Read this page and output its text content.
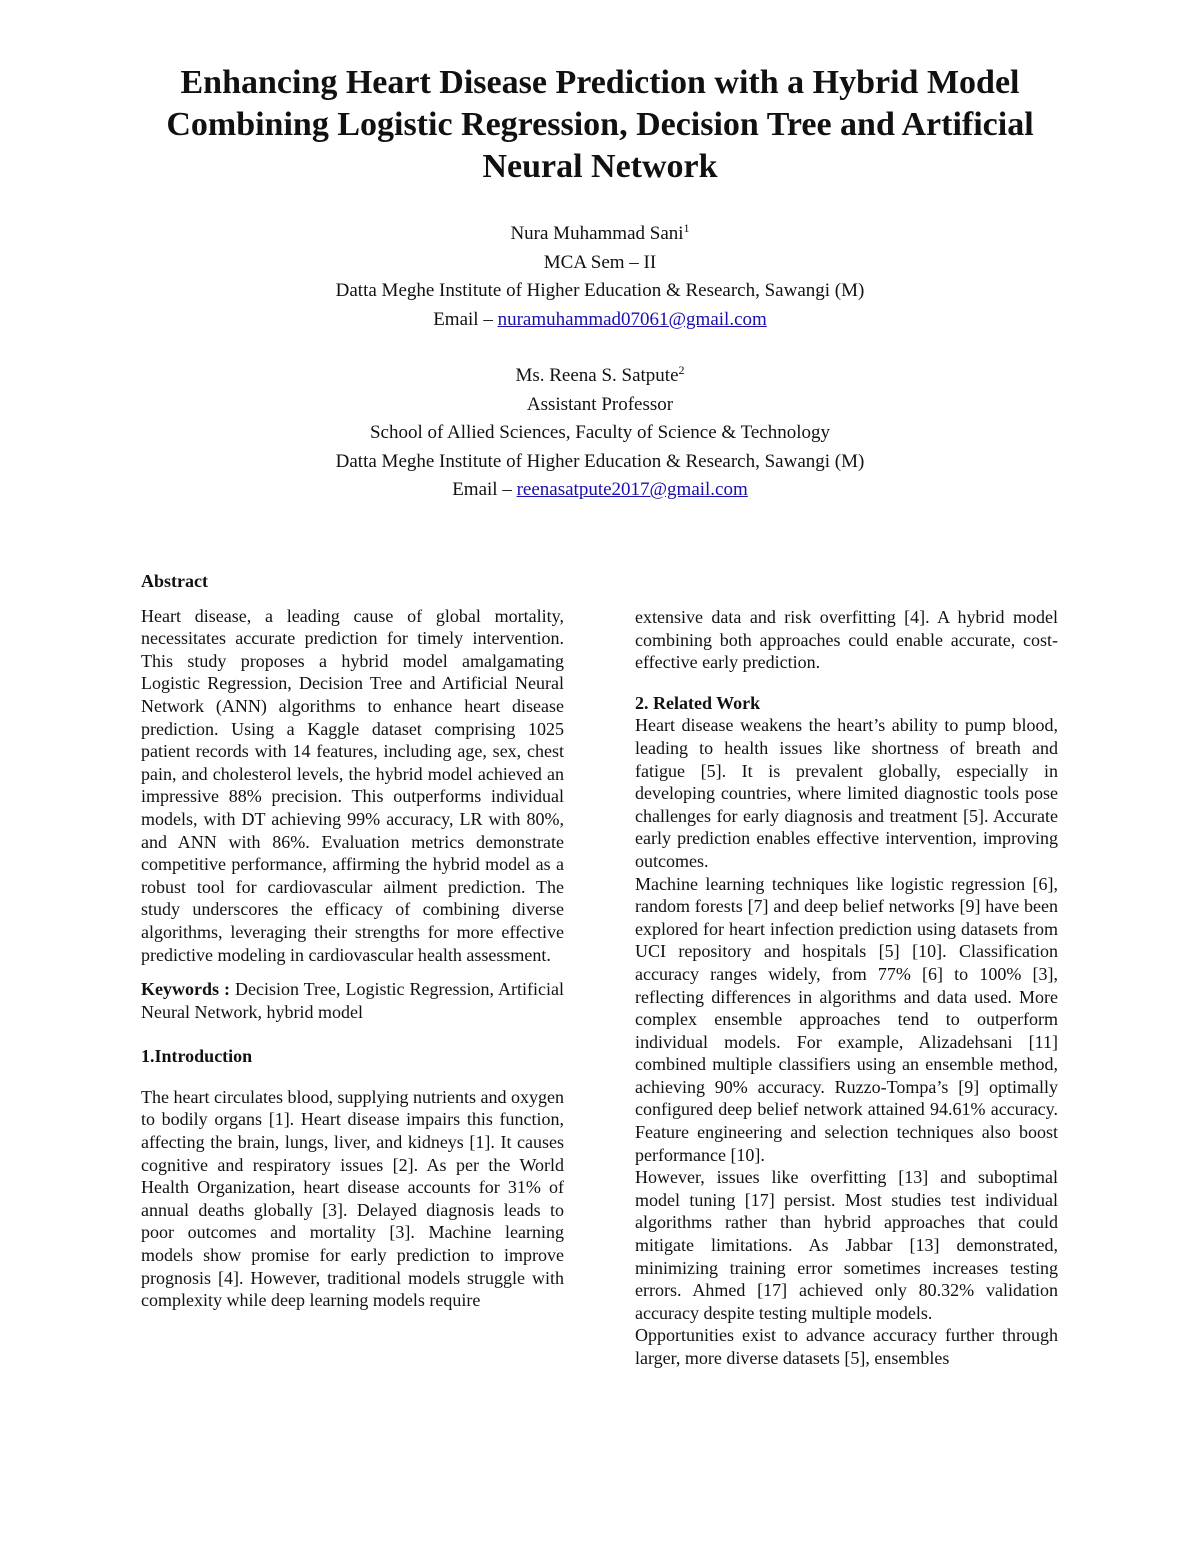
Enhancing Heart Disease Prediction with a Hybrid Model
Combining Logistic Regression, Decision Tree and Artificial
Neural Network
Nura Muhammad Sani$^1$
MCA Sem – II
Datta Meghe Institute of Higher Education & Research, Sawangi (M)
Email – nuramuhammad07061@gmail.com
Ms. Reena S. Satpute$^2$
Assistant Professor
School of Allied Sciences, Faculty of Science & Technology
Datta Meghe Institute of Higher Education & Research, Sawangi (M)
Email – reenasatpute2017@gmail.com
Abstract

Heart disease, a leading cause of global mortality, necessitates accurate prediction for timely intervention. This study proposes a hybrid model amalgamating Logistic Regression, Decision Tree and Artificial Neural Network (ANN) algorithms to enhance heart disease prediction. Using a Kaggle dataset comprising 1025 patient records with 14 features, including age, sex, chest pain, and cholesterol levels, the hybrid model achieved an impressive 88% precision. This outperforms individual models, with DT achieving 99% accuracy, LR with 80%, and ANN with 86%. Evaluation metrics demonstrate competitive performance, affirming the hybrid model as a robust tool for cardiovascular ailment prediction. The study underscores the efficacy of combining diverse algorithms, leveraging their strengths for more effective predictive modeling in cardiovascular health assessment.

Keywords : Decision Tree, Logistic Regression, Artificial Neural Network, hybrid model

1.Introduction

The heart circulates blood, supplying nutrients and oxygen to bodily organs [1]. Heart disease impairs this function, affecting the brain, lungs, liver, and kidneys [1]. It causes cognitive and respiratory issues [2]. As per the World Health Organization, heart disease accounts for 31% of annual deaths globally [3]. Delayed diagnosis leads to poor outcomes and mortality [3]. Machine learning models show promise for early prediction to improve prognosis [4]. However, traditional models struggle with complexity while deep learning models require

extensive data and risk overfitting [4]. A hybrid model combining both approaches could enable accurate, cost-effective early prediction.

2. Related Work

Heart disease weakens the heart’s ability to pump blood, leading to health issues like shortness of breath and fatigue [5]. It is prevalent globally, especially in developing countries, where limited diagnostic tools pose challenges for early diagnosis and treatment [5]. Accurate early prediction enables effective intervention, improving outcomes.

Machine learning techniques like logistic regression [6], random forests [7] and deep belief networks [9] have been explored for heart infection prediction using datasets from UCI repository and hospitals [5] [10]. Classification accuracy ranges widely, from 77% [6] to 100% [3], reflecting differences in algorithms and data used. More complex ensemble approaches tend to outperform individual models. For example, Alizadehsani [11] combined multiple classifiers using an ensemble method, achieving 90% accuracy. Ruzzo-Tompa’s [9] optimally configured deep belief network attained 94.61% accuracy. Feature engineering and selection techniques also boost performance [10].

However, issues like overfitting [13] and suboptimal model tuning [17] persist. Most studies test individual algorithms rather than hybrid approaches that could mitigate limitations. As Jabbar [13] demonstrated, minimizing training error sometimes increases testing errors. Ahmed [17] achieved only 80.32% validation accuracy despite testing multiple models.

Opportunities exist to advance accuracy further through larger, more diverse datasets [5], ensembles
